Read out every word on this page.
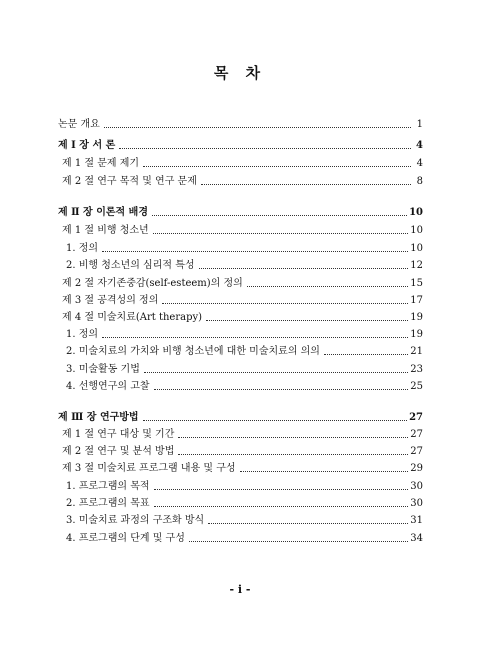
목 차
논문 개요	1
제 Ⅰ 장 서 론	4
제 1 절 문제 제기	4
제 2 절 연구 목적 및 연구 문제	8
제 Ⅱ 장 이론적 배경	10
제 1 절 비행 청소년	10
1. 정의	10
2. 비행 청소년의 심리적 특성	12
제 2 절 자기존중감(self-esteem)의 정의	15
제 3 절 공격성의 정의	17
제 4 절 미술치료(Art therapy)	19
1. 정의	19
2. 미술치료의 가치와 비행 청소년에 대한 미술치료의 의의	21
3. 미술활동 기법	23
4. 선행연구의 고찰	25
제 Ⅲ 장 연구방법	27
제 1 절 연구 대상 및 기간	27
제 2 절 연구 및 분석 방법	27
제 3 절 미술치료 프로그램 내용 및 구성	29
1. 프로그램의 목적	30
2. 프로그램의 목표	30
3. 미술치료 과정의 구조화 방식	31
4. 프로그램의 단계 및 구성	34
- i -
